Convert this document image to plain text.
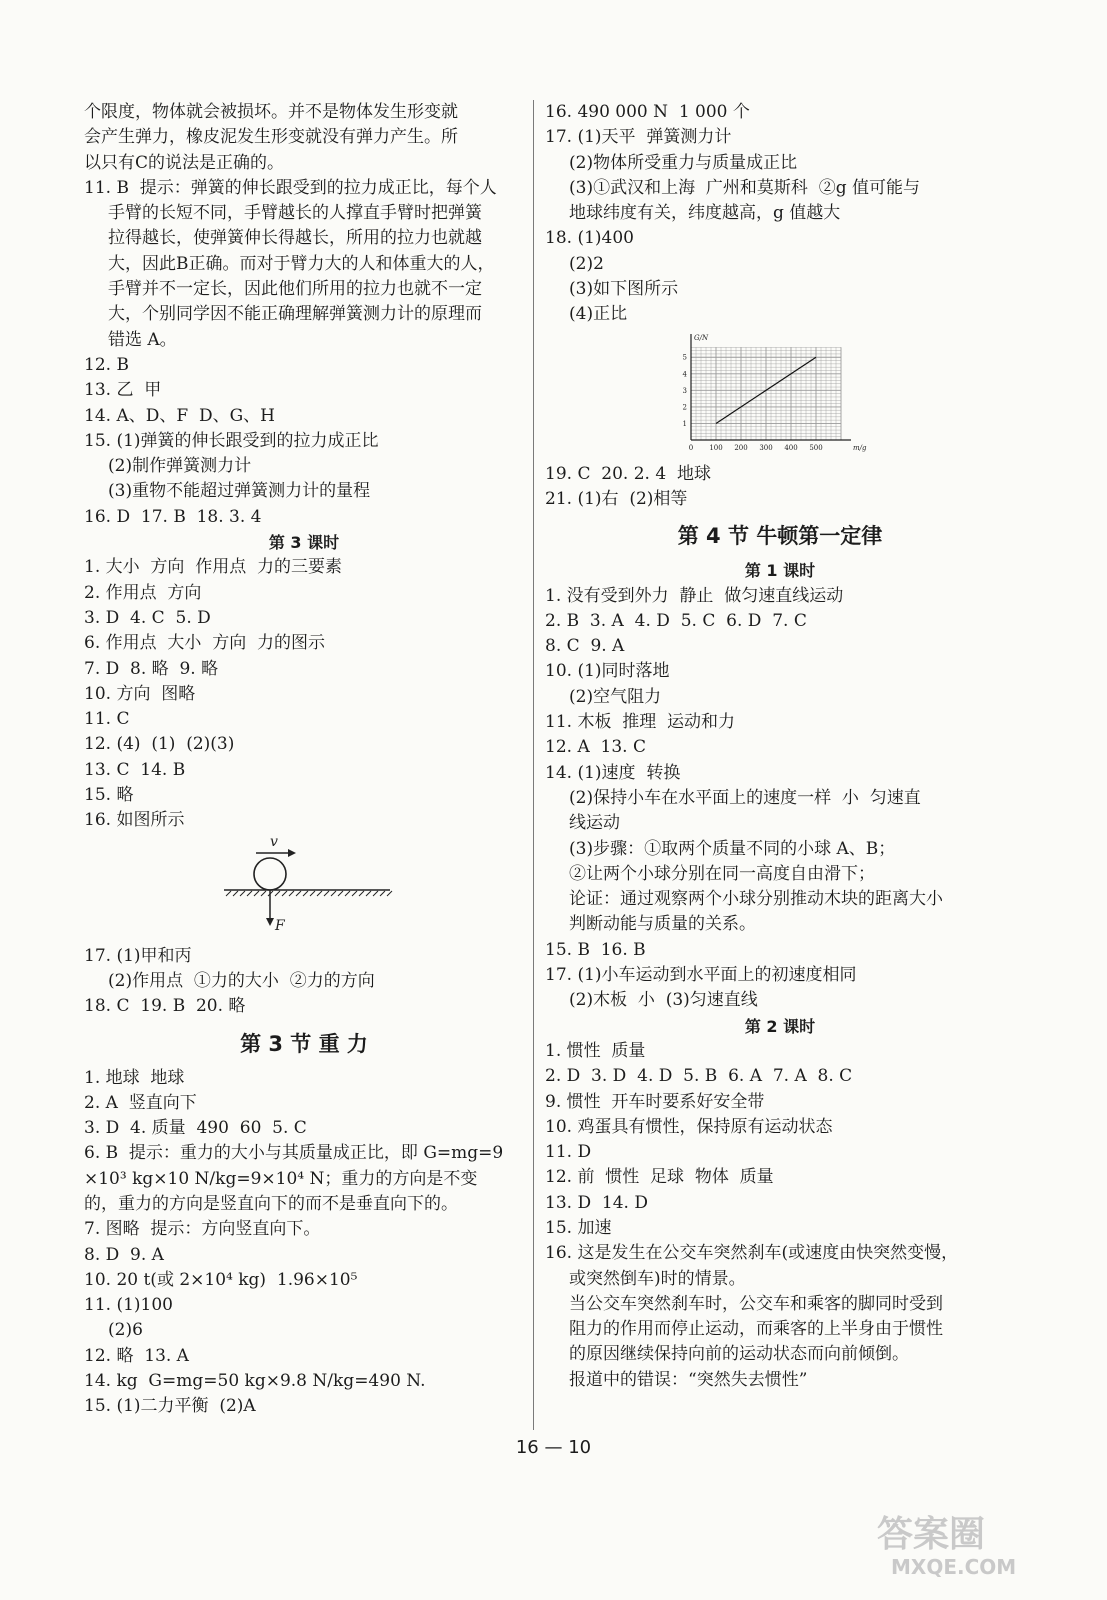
个限度，物体就会被损坏。并不是物体发生形变就
会产生弹力，橡皮泥发生形变就没有弹力产生。所
以只有C的说法是正确的。
11. B  提示：弹簧的伸长跟受到的拉力成正比，每个人
手臂的长短不同，手臂越长的人撑直手臂时把弹簧
拉得越长，使弹簧伸长得越长，所用的拉力也就越
大，因此B正确。而对于臂力大的人和体重大的人，
手臂并不一定长，因此他们所用的拉力也就不一定
大，个别同学因不能正确理解弹簧测力计的原理而
错选 A。
12. B
13. 乙  甲
14. A、D、F  D、G、H
15. (1)弹簧的伸长跟受到的拉力成正比
(2)制作弹簧测力计
(3)重物不能超过弹簧测力计的量程
16. D  17. B  18. 3. 4
第 3 课时
1. 大小  方向  作用点  力的三要素
2. 作用点  方向
3. D  4. C  5. D
6. 作用点  大小  方向  力的图示
7. D  8. 略  9. 略
10. 方向  图略
11. C
12. (4)  (1)  (2)(3)
13. C  14. B
15. 略
16. 如图所示
v
F
17. (1)甲和丙
(2)作用点  ①力的大小  ②力的方向
18. C  19. B  20. 略
第 3 节 重 力
1. 地球  地球
2. A  竖直向下
3. D  4. 质量  490  60  5. C
6. B  提示：重力的大小与其质量成正比，即 G=mg=9
×10³ kg×10 N/kg=9×10⁴ N；重力的方向是不变
的，重力的方向是竖直向下的而不是垂直向下的。
7. 图略  提示：方向竖直向下。
8. D  9. A
10. 20 t(或 2×10⁴ kg)  1.96×10⁵
11. (1)100
(2)6
12. 略  13. A
14. kg  G=mg=50 kg×9.8 N/kg=490 N.
15. (1)二力平衡  (2)A
16. 490 000 N  1 000 个
17. (1)天平  弹簧测力计
(2)物体所受重力与质量成正比
(3)①武汉和上海  广州和莫斯科  ②g 值可能与
地球纬度有关，纬度越高，g 值越大
18. (1)400
(2)2
(3)如下图所示
(4)正比
0 100 200 300 400 500
1
2
3
4
5
G/N
m/g
19. C  20. 2. 4  地球
21. (1)右  (2)相等
第 4 节 牛顿第一定律
第 1 课时
1. 没有受到外力  静止  做匀速直线运动
2. B  3. A  4. D  5. C  6. D  7. C
8. C  9. A
10. (1)同时落地
(2)空气阻力
11. 木板  推理  运动和力
12. A  13. C
14. (1)速度  转换
(2)保持小车在水平面上的速度一样  小  匀速直
线运动
(3)步骤：①取两个质量不同的小球 A、B；
②让两个小球分别在同一高度自由滑下；
论证：通过观察两个小球分别推动木块的距离大小
判断动能与质量的关系。
15. B  16. B
17. (1)小车运动到水平面上的初速度相同
(2)木板  小  (3)匀速直线
第 2 课时
1. 惯性  质量
2. D  3. D  4. D  5. B  6. A  7. A  8. C
9. 惯性  开车时要系好安全带
10. 鸡蛋具有惯性，保持原有运动状态
11. D
12. 前  惯性  足球  物体  质量
13. D  14. D
15. 加速
16. 这是发生在公交车突然刹车(或速度由快突然变慢，
或突然倒车)时的情景。
当公交车突然刹车时，公交车和乘客的脚同时受到
阻力的作用而停止运动，而乘客的上半身由于惯性
的原因继续保持向前的运动状态而向前倾倒。
报道中的错误：“突然失去惯性”
16 — 10
答案圈
MXQE.COM
